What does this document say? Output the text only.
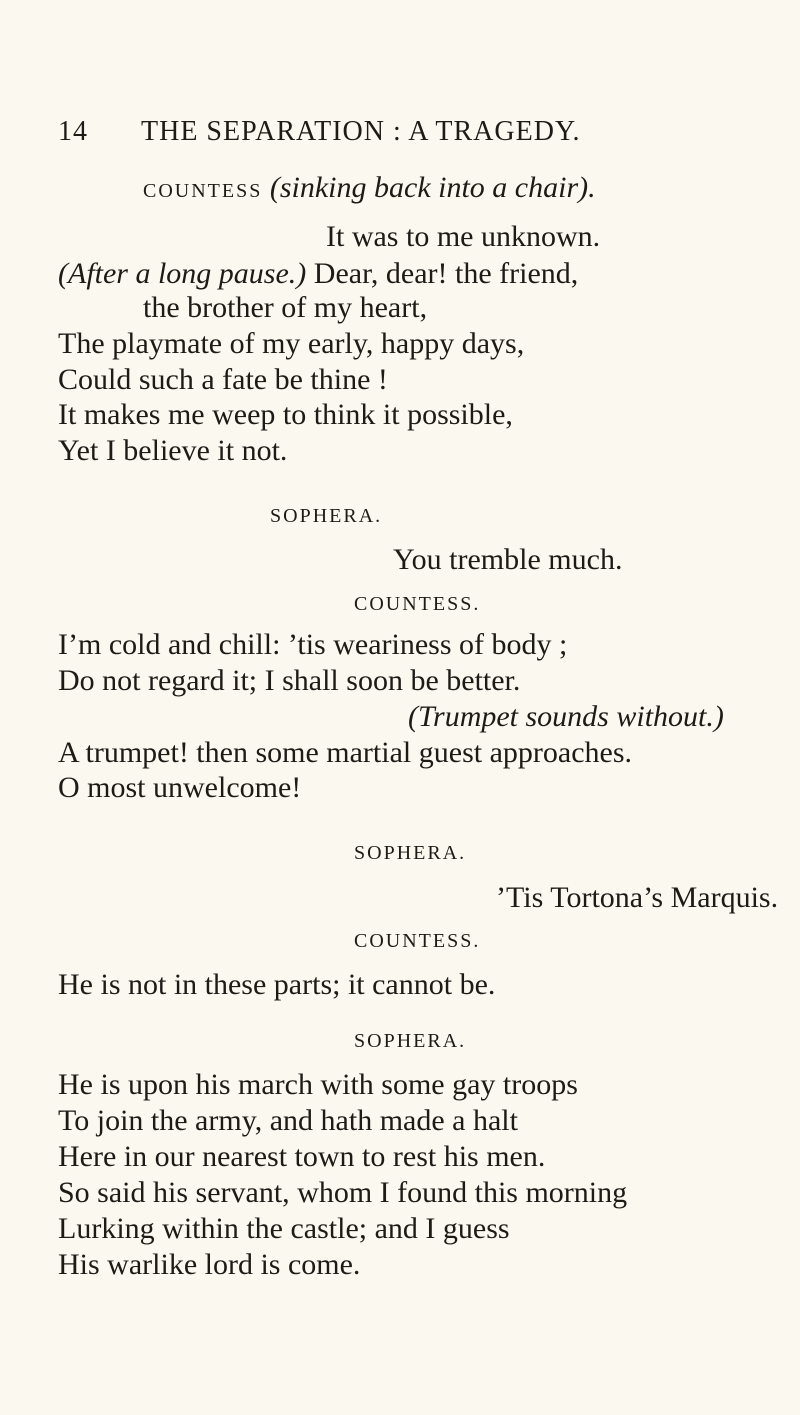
14 THE SEPARATION : A TRAGEDY.
COUNTESS (sinking back into a chair).
It was to me unknown.
(After a long pause.) Dear, dear! the friend,
the brother of my heart,
The playmate of my early, happy days,
Could such a fate be thine !
It makes me weep to think it possible,
Yet I believe it not.
SOPHERA.
You tremble much.
COUNTESS.
I’m cold and chill: ’tis weariness of body ;
Do not regard it; I shall soon be better.
(Trumpet sounds without.)
A trumpet! then some martial guest approaches.
O most unwelcome!
SOPHERA.
’Tis Tortona’s Marquis.
COUNTESS.
He is not in these parts; it cannot be.
SOPHERA.
He is upon his march with some gay troops
To join the army, and hath made a halt
Here in our nearest town to rest his men.
So said his servant, whom I found this morning
Lurking within the castle; and I guess
His warlike lord is come.
